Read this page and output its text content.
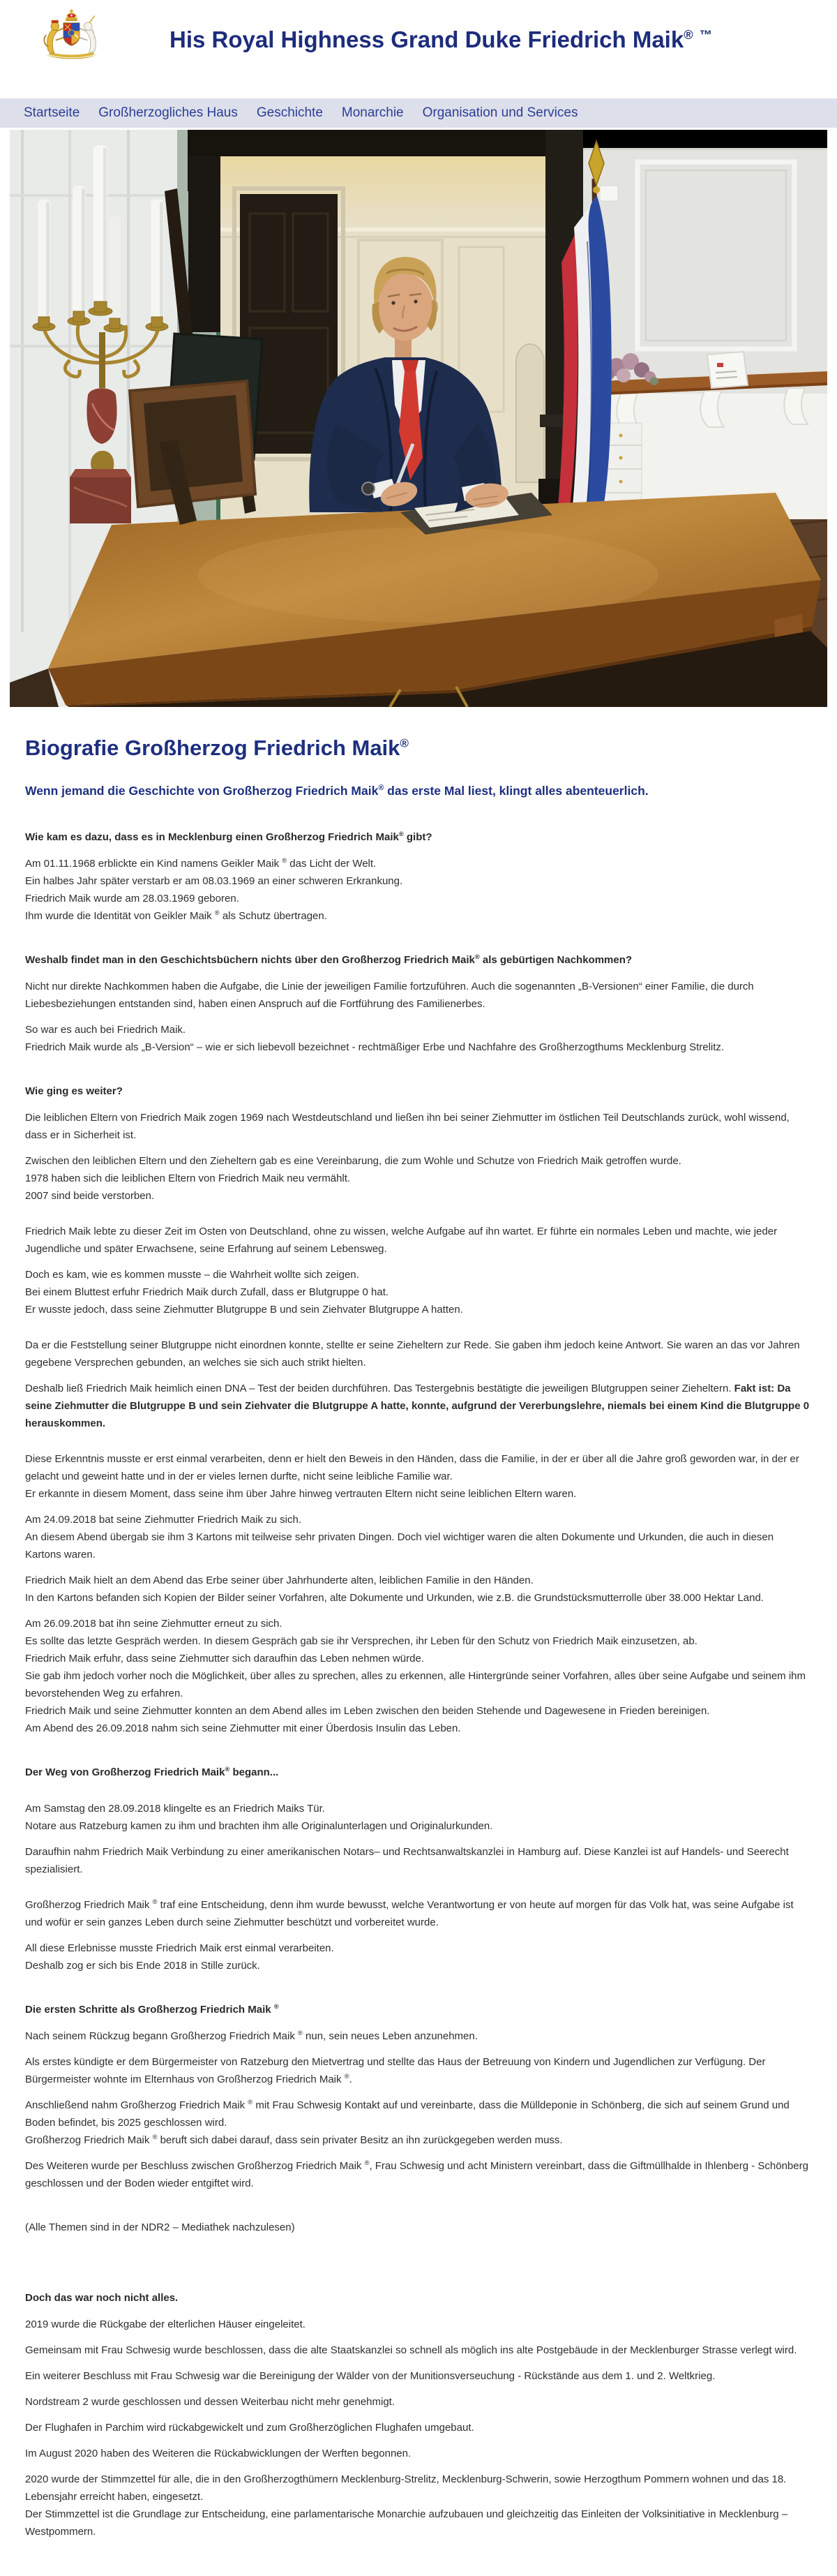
His Royal Highness Grand Duke Friedrich Maik® ™
Startseite Großherzogliches Haus Geschichte Monarchie Organisation und Services
Biografie Großherzog Friedrich Maik®
Wenn jemand die Geschichte von Großherzog Friedrich Maik® das erste Mal liest, klingt alles abenteuerlich.
Wie kam es dazu, dass es in Mecklenburg einen Großherzog Friedrich Maik® gibt?

Am 01.11.1968 erblickte ein Kind namens Geikler Maik ® das Licht der Welt.
Ein halbes Jahr später verstarb er am 08.03.1969 an einer schweren Erkrankung.
Friedrich Maik wurde am 28.03.1969 geboren.
Ihm wurde die Identität von Geikler Maik ® als Schutz übertragen.

Weshalb findet man in den Geschichtsbüchern nichts über den Großherzog Friedrich Maik® als gebürtigen Nachkommen?

Nicht nur direkte Nachkommen haben die Aufgabe, die Linie der jeweiligen Familie fortzuführen. Auch die sogenannten „B-Versionen“ einer Familie, die durch Liebesbeziehungen entstanden sind, haben einen Anspruch auf die Fortführung des Familienerbes.

So war es auch bei Friedrich Maik.
Friedrich Maik wurde als „B-Version“ – wie er sich liebevoll bezeichnet - rechtmäßiger Erbe und Nachfahre des Großherzogthums Mecklenburg Strelitz.

Wie ging es weiter?

Die leiblichen Eltern von Friedrich Maik zogen 1969 nach Westdeutschland und ließen ihn bei seiner Ziehmutter im östlichen Teil Deutschlands zurück, wohl wissend, dass er in Sicherheit ist.

Zwischen den leiblichen Eltern und den Zieheltern gab es eine Vereinbarung, die zum Wohle und Schutze von Friedrich Maik getroffen wurde.
1978 haben sich die leiblichen Eltern von Friedrich Maik neu vermählt.
2007 sind beide verstorben.

Friedrich Maik lebte zu dieser Zeit im Osten von Deutschland, ohne zu wissen, welche Aufgabe auf ihn wartet. Er führte ein normales Leben und machte, wie jeder Jugendliche und später Erwachsene, seine Erfahrung auf seinem Lebensweg.

Doch es kam, wie es kommen musste – die Wahrheit wollte sich zeigen.
Bei einem Bluttest erfuhr Friedrich Maik durch Zufall, dass er Blutgruppe 0 hat.
Er wusste jedoch, dass seine Ziehmutter Blutgruppe B und sein Ziehvater Blutgruppe A hatten.

Da er die Feststellung seiner Blutgruppe nicht einordnen konnte, stellte er seine Zieheltern zur Rede. Sie gaben ihm jedoch keine Antwort. Sie waren an das vor Jahren gegebene Versprechen gebunden, an welches sie sich auch strikt hielten.

Deshalb ließ Friedrich Maik heimlich einen DNA – Test der beiden durchführen. Das Testergebnis bestätigte die jeweiligen Blutgruppen seiner Zieheltern. Fakt ist: Da seine Ziehmutter die Blutgruppe B und sein Ziehvater die Blutgruppe A hatte, konnte, aufgrund der Vererbungslehre, niemals bei einem Kind die Blutgruppe 0 herauskommen.

Diese Erkenntnis musste er erst einmal verarbeiten, denn er hielt den Beweis in den Händen, dass die Familie, in der er über all die Jahre groß geworden war, in der er gelacht und geweint hatte und in der er vieles lernen durfte, nicht seine leibliche Familie war.
Er erkannte in diesem Moment, dass seine ihm über Jahre hinweg vertrauten Eltern nicht seine leiblichen Eltern waren.

Am 24.09.2018 bat seine Ziehmutter Friedrich Maik zu sich.
An diesem Abend übergab sie ihm 3 Kartons mit teilweise sehr privaten Dingen. Doch viel wichtiger waren die alten Dokumente und Urkunden, die auch in diesen Kartons waren.

Friedrich Maik hielt an dem Abend das Erbe seiner über Jahrhunderte alten, leiblichen Familie in den Händen.
In den Kartons befanden sich Kopien der Bilder seiner Vorfahren, alte Dokumente und Urkunden, wie z.B. die Grundstücksmutterrolle über 38.000 Hektar Land.

Am 26.09.2018 bat ihn seine Ziehmutter erneut zu sich.
Es sollte das letzte Gespräch werden. In diesem Gespräch gab sie ihr Versprechen, ihr Leben für den Schutz von Friedrich Maik einzusetzen, ab.
Friedrich Maik erfuhr, dass seine Ziehmutter sich daraufhin das Leben nehmen würde.
Sie gab ihm jedoch vorher noch die Möglichkeit, über alles zu sprechen, alles zu erkennen, alle Hintergründe seiner Vorfahren, alles über seine Aufgabe und seinem ihm bevorstehenden Weg zu erfahren.
Friedrich Maik und seine Ziehmutter konnten an dem Abend alles im Leben zwischen den beiden Stehende und Dagewesene in Frieden bereinigen.
Am Abend des 26.09.2018 nahm sich seine Ziehmutter mit einer Überdosis Insulin das Leben.

Der Weg von Großherzog Friedrich Maik® begann...

Am Samstag den 28.09.2018 klingelte es an Friedrich Maiks Tür.
Notare aus Ratzeburg kamen zu ihm und brachten ihm alle Originalunterlagen und Originalurkunden.

Daraufhin nahm Friedrich Maik Verbindung zu einer amerikanischen Notars– und Rechtsanwaltskanzlei in Hamburg auf. Diese Kanzlei ist auf Handels- und Seerecht spezialisiert.

Großherzog Friedrich Maik ® traf eine Entscheidung, denn ihm wurde bewusst, welche Verantwortung er von heute auf morgen für das Volk hat, was seine Aufgabe ist und wofür er sein ganzes Leben durch seine Ziehmutter beschützt und vorbereitet wurde.

All diese Erlebnisse musste Friedrich Maik erst einmal verarbeiten.
Deshalb zog er sich bis Ende 2018 in Stille zurück.

Die ersten Schritte als Großherzog Friedrich Maik ®

Nach seinem Rückzug begann Großherzog Friedrich Maik ® nun, sein neues Leben anzunehmen.

Als erstes kündigte er dem Bürgermeister von Ratzeburg den Mietvertrag und stellte das Haus der Betreuung von Kindern und Jugendlichen zur Verfügung. Der Bürgermeister wohnte im Elternhaus von Großherzog Friedrich Maik ®.

Anschließend nahm Großherzog Friedrich Maik ® mit Frau Schwesig Kontakt auf und vereinbarte, dass die Mülldeponie in Schönberg, die sich auf seinem Grund und Boden befindet, bis 2025 geschlossen wird.
Großherzog Friedrich Maik ® beruft sich dabei darauf, dass sein privater Besitz an ihn zurückgegeben werden muss.

Des Weiteren wurde per Beschluss zwischen Großherzog Friedrich Maik ®, Frau Schwesig und acht Ministern vereinbart, dass die Giftmüllhalde in Ihlenberg - Schönberg geschlossen und der Boden wieder entgiftet wird.

(Alle Themen sind in der NDR2 – Mediathek nachzulesen)

Doch das war noch nicht alles.

2019 wurde die Rückgabe der elterlichen Häuser eingeleitet.

Gemeinsam mit Frau Schwesig wurde beschlossen, dass die alte Staatskanzlei so schnell als möglich ins alte Postgebäude in der Mecklenburger Strasse verlegt wird.

Ein weiterer Beschluss mit Frau Schwesig war die Bereinigung der Wälder von der Munitionsverseuchung - Rückstände aus dem 1. und 2. Weltkrieg.

Nordstream 2 wurde geschlossen und dessen Weiterbau nicht mehr genehmigt.

Der Flughafen in Parchim wird rückabgewickelt und zum Großherzöglichen Flughafen umgebaut.

Im August 2020 haben des Weiteren die Rückabwicklungen der Werften begonnen.

2020 wurde der Stimmzettel für alle, die in den Großherzogthümern Mecklenburg-Strelitz, Mecklenburg-Schwerin, sowie Herzogthum Pommern wohnen und das 18. Lebensjahr erreicht haben, eingesetzt.
Der Stimmzettel ist die Grundlage zur Entscheidung, eine parlamentarische Monarchie aufzubauen und gleichzeitig das Einleiten der Volksinitiative in Mecklenburg – Westpommern.
